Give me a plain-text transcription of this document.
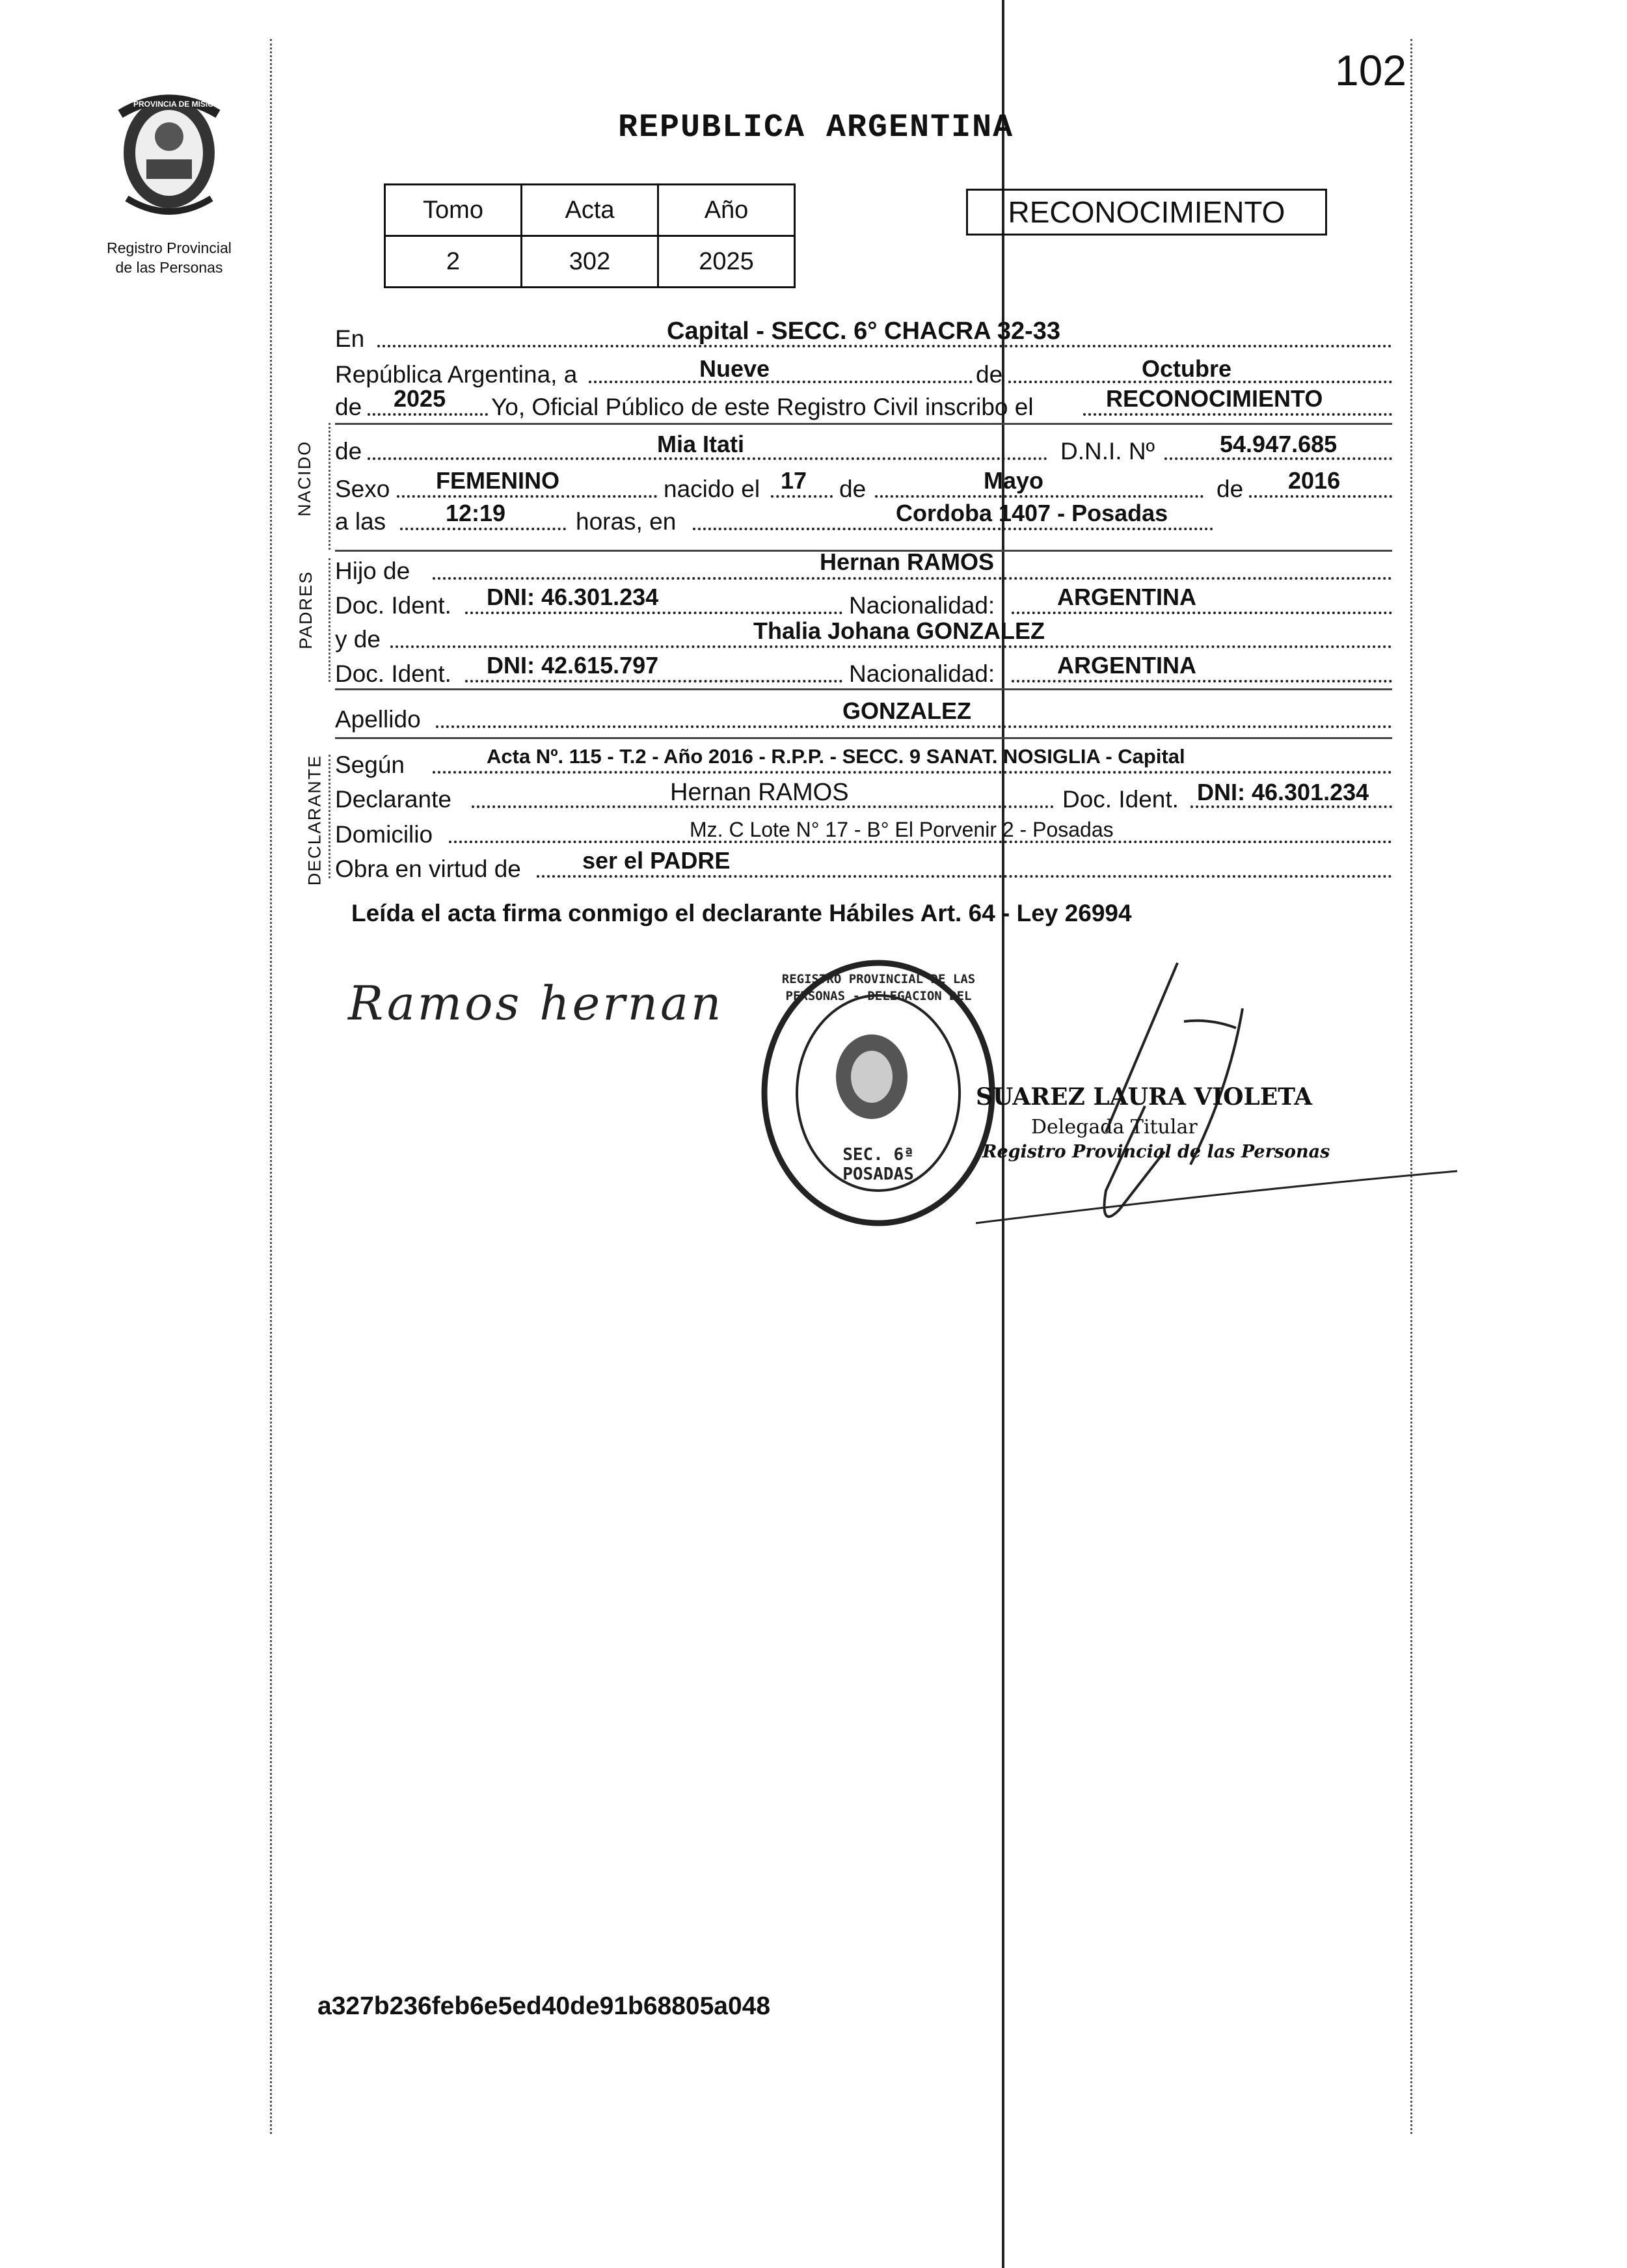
102
PROVINCIA DE MISIONES
Registro Provincial
de las Personas
REPUBLICA ARGENTINA
Tomo	Acta	Año
2	302	2025
RECONOCIMIENTO
NACIDO
PADRES
DECLARANTE
En	Capital - SECC. 6° CHACRA 32-33
República Argentina, a	Nueve	de	Octubre
de 2025 Yo, Oficial Público de este Registro Civil inscribo el	RECONOCIMIENTO
de	Mia Itati	D.N.I. Nº	54.947.685
Sexo FEMENINO	nacido el 17 de	Mayo	de 2016
a las	12:19	horas, en	Cordoba 1407 - Posadas
Hijo de	Hernan RAMOS
Doc. Ident. DNI: 46.301.234	Nacionalidad:	ARGENTINA
y de	Thalia Johana GONZALEZ
Doc. Ident. DNI: 42.615.797	Nacionalidad:	ARGENTINA
Apellido	GONZALEZ
Según	Acta Nº. 115 - T.2 - Año 2016 - R.P.P. - SECC. 9 SANAT. NOSIGLIA - Capital
Declarante	Hernan RAMOS	Doc. Ident. DNI: 46.301.234
Domicilio	Mz. C Lote N° 17 - B° El Porvenir 2 - Posadas
Obra en virtud de	ser el PADRE
Leída el acta firma conmigo el declarante Hábiles Art. 64 - Ley 26994
Ramos hernan	REGISTRO PROVINCIAL DE LAS PERSONAS - DELEGACION DEL
SEC. 6ª POSADAS
SUAREZ LAURA VIOLETA
Delegada Titular
Registro Provincial de las Personas
a327b236feb6e5ed40de91b68805a048
